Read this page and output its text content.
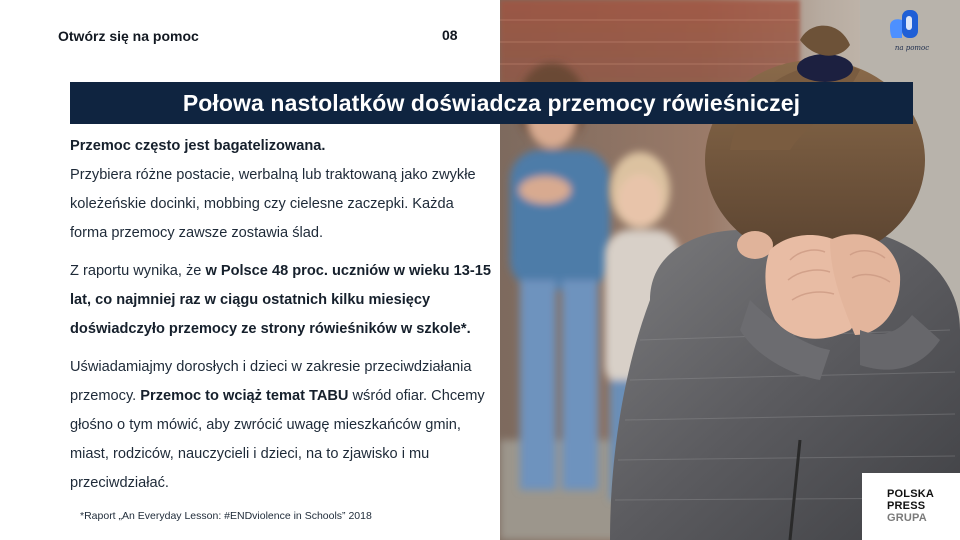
Otwórz się na pomoc	08
na pomoc
POLSKA
PRESS
GRUPA
Połowa nastolatków doświadcza przemocy rówieśniczej

Przemoc często jest bagatelizowana.
Przybiera różne postacie, werbalną lub traktowaną jako zwykłe koleżeńskie docinki, mobbing czy cielesne zaczepki. Każda forma przemocy zawsze zostawia ślad.

Z raportu wynika, że w Polsce 48 proc. uczniów w wieku 13-15 lat, co najmniej raz w ciągu ostatnich kilku miesięcy doświadczyło przemocy ze strony rówieśników w szkole*.

Uświadamiajmy dorosłych i dzieci w zakresie przeciwdziałania przemocy. Przemoc to wciąż temat TABU wśród ofiar. Chcemy głośno o tym mówić, aby zwrócić uwagę mieszkańców gmin, miast, rodziców, nauczycieli i dzieci, na to zjawisko i mu przeciwdziałać.

*Raport „An Everyday Lesson: #ENDviolence in Schools” 2018
